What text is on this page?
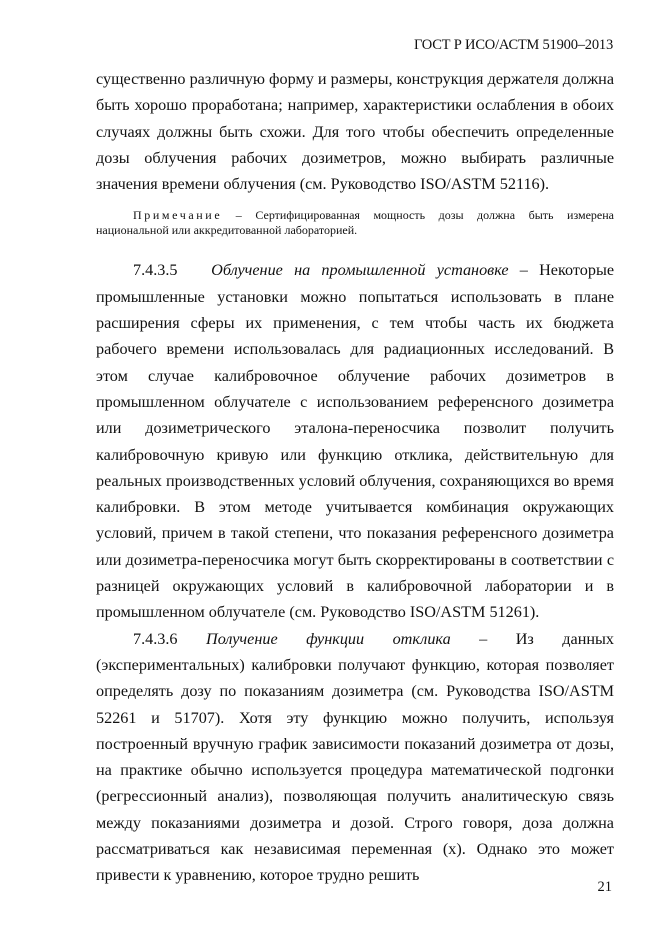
ГОСТ Р ИСО/АСТМ 51900–2013

существенно различную форму и размеры, конструкция держателя должна быть хорошо проработана; например, характеристики ослабления в обоих случаях должны быть схожи. Для того чтобы обеспечить определенные дозы облучения рабочих дозиметров, можно выбирать различные значения времени облучения (см. Руководство ISO/ASTM 52116).

Примечание – Сертифицированная мощность дозы должна быть измерена национальной или аккредитованной лабораторией.

7.4.3.5 Облучение на промышленной установке – Некоторые промышленные установки можно попытаться использовать в плане расширения сферы их применения, с тем чтобы часть их бюджета рабочего времени использовалась для радиационных исследований. В этом случае калибровочное облучение рабочих дозиметров в промышленном облучателе с использованием референсного дозиметра или дозиметрического эталона-переносчика позволит получить калибровочную кривую или функцию отклика, действительную для реальных производственных условий облучения, сохраняющихся во время калибровки. В этом методе учитывается комбинация окружающих условий, причем в такой степени, что показания референсного дозиметра или дозиметра-переносчика могут быть скорректированы в соответствии с разницей окружающих условий в калибровочной лаборатории и в промышленном облучателе (см. Руководство ISO/ASTM 51261).

7.4.3.6 Получение функции отклика – Из данных (экспериментальных) калибровки получают функцию, которая позволяет определять дозу по показаниям дозиметра (см. Руководства ISO/ASTM 52261 и 51707). Хотя эту функцию можно получить, используя построенный вручную график зависимости показаний дозиметра от дозы, на практике обычно используется процедура математической подгонки (регрессионный анализ), позволяющая получить аналитическую связь между показаниями дозиметра и дозой. Строго говоря, доза должна рассматриваться как независимая переменная (x). Однако это может привести к уравнению, которое трудно решить

21
